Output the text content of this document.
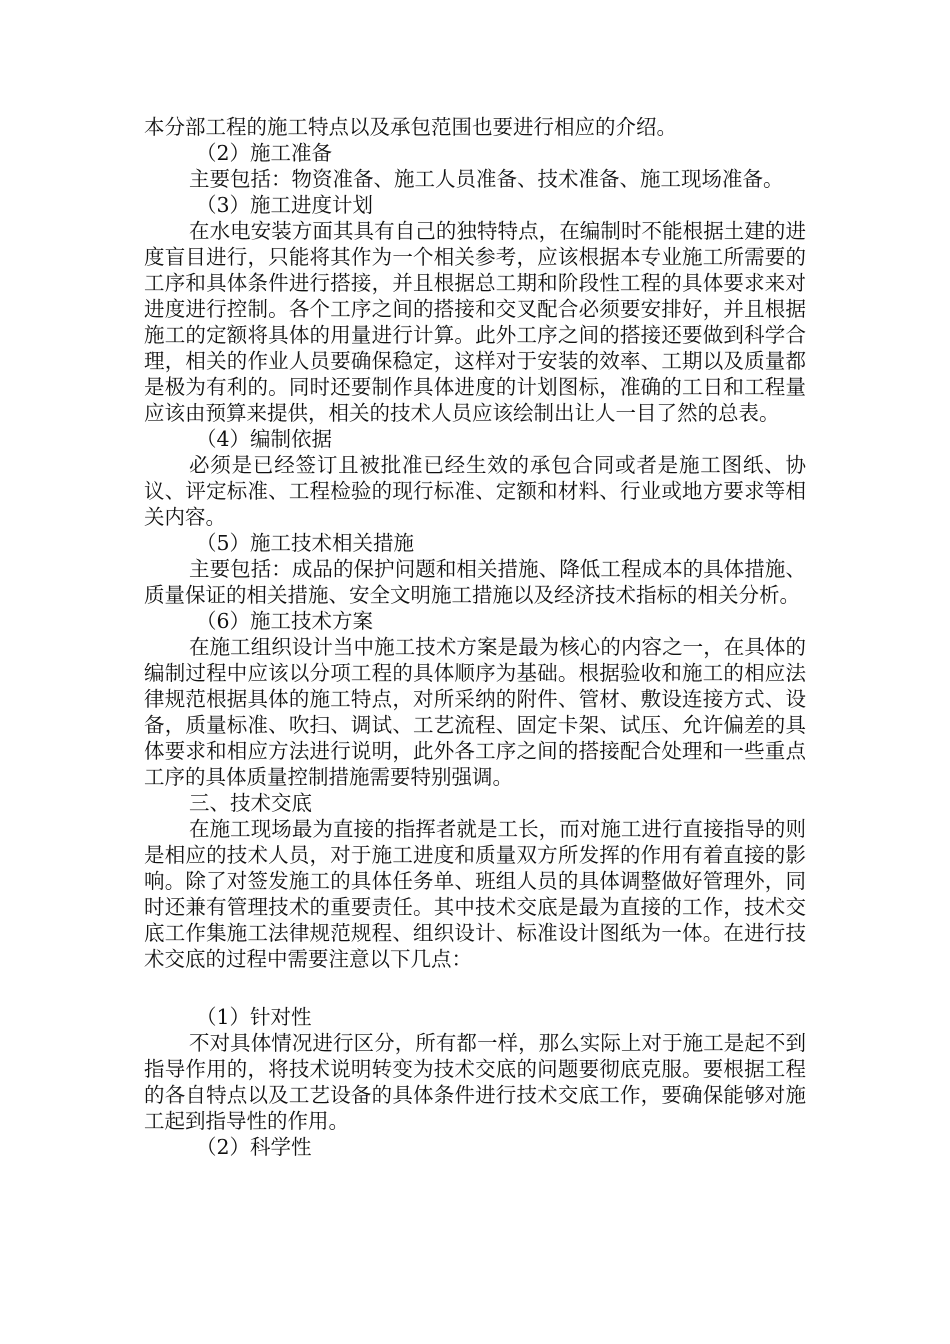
本分部工程的施工特点以及承包范围也要进行相应的介绍。

（2）施工准备

主要包括：物资准备、施工人员准备、技术准备、施工现场准备。

（3）施工进度计划

在水电安装方面其具有自己的独特特点，在编制时不能根据土建的进度盲目进行，只能将其作为一个相关参考，应该根据本专业施工所需要的工序和具体条件进行搭接，并且根据总工期和阶段性工程的具体要求来对进度进行控制。各个工序之间的搭接和交叉配合必须要安排好，并且根据施工的定额将具体的用量进行计算。此外工序之间的搭接还要做到科学合理，相关的作业人员要确保稳定，这样对于安装的效率、工期以及质量都是极为有利的。同时还要制作具体进度的计划图标，准确的工日和工程量应该由预算来提供，相关的技术人员应该绘制出让人一目了然的总表。

（4）编制依据

必须是已经签订且被批准已经生效的承包合同或者是施工图纸、协议、评定标准、工程检验的现行标准、定额和材料、行业或地方要求等相关内容。

（5）施工技术相关措施

主要包括：成品的保护问题和相关措施、降低工程成本的具体措施、质量保证的相关措施、安全文明施工措施以及经济技术指标的相关分析。

（6）施工技术方案

在施工组织设计当中施工技术方案是最为核心的内容之一，在具体的编制过程中应该以分项工程的具体顺序为基础。根据验收和施工的相应法律规范根据具体的施工特点，对所采纳的附件、管材、敷设连接方式、设备，质量标准、吹扫、调试、工艺流程、固定卡架、试压、允许偏差的具体要求和相应方法进行说明，此外各工序之间的搭接配合处理和一些重点工序的具体质量控制措施需要特别强调。

三、技术交底

在施工现场最为直接的指挥者就是工长，而对施工进行直接指导的则是相应的技术人员，对于施工进度和质量双方所发挥的作用有着直接的影响。除了对签发施工的具体任务单、班组人员的具体调整做好管理外，同时还兼有管理技术的重要责任。其中技术交底是最为直接的工作，技术交底工作集施工法律规范规程、组织设计、标准设计图纸为一体。在进行技术交底的过程中需要注意以下几点：

（1）针对性

不对具体情况进行区分，所有都一样，那么实际上对于施工是起不到指导作用的，将技术说明转变为技术交底的问题要彻底克服。要根据工程的各自特点以及工艺设备的具体条件进行技术交底工作，要确保能够对施工起到指导性的作用。

（2）科学性
